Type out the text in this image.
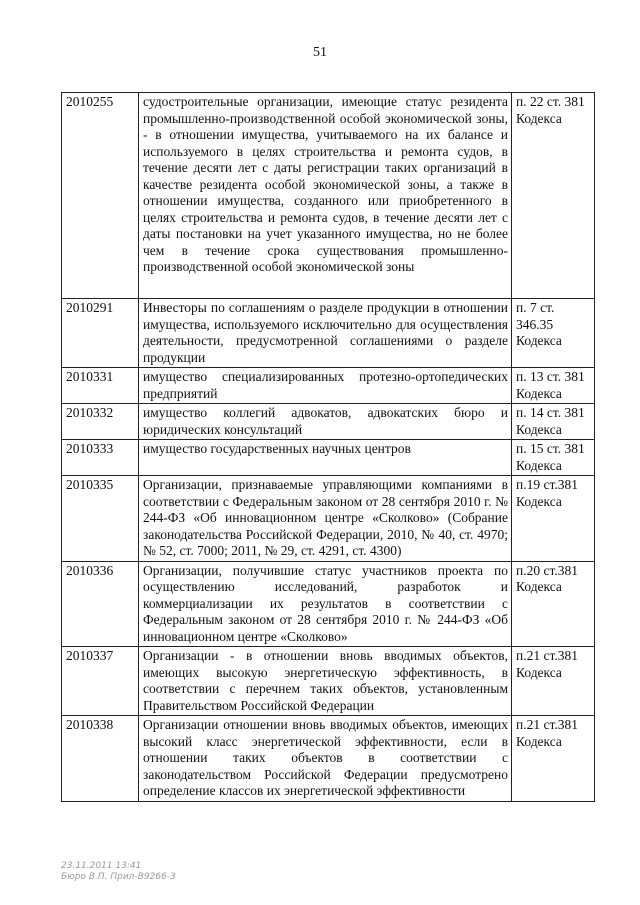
51
2010255	судостроительные организации, имеющие статус резидента промышленно-производственной особой экономической зоны, - в отношении имущества, учитываемого на их балансе и используемого в целях строительства и ремонта судов, в течение десяти лет с даты регистрации таких организаций в качестве резидента особой экономической зоны, а также в отношении имущества, созданного или приобретенного в целях строительства и ремонта судов, в течение десяти лет с даты постановки на учет указанного имущества, но не более чем в течение срока существования промышленно-производственной особой экономической зоны	п. 22 ст. 381 Кодекса
2010291	Инвесторы по соглашениям о разделе продукции в отношении имущества, используемого исключительно для осуществления деятельности, предусмотренной соглашениями о разделе продукции	п. 7 ст. 346.35 Кодекса
2010331	имущество специализированных протезно-ортопедических предприятий	п. 13 ст. 381 Кодекса
2010332	имущество коллегий адвокатов, адвокатских бюро и юридических консультаций	п. 14 ст. 381 Кодекса
2010333	имущество государственных научных центров	п. 15 ст. 381 Кодекса
2010335	Организации, признаваемые управляющими компаниями в соответствии с Федеральным законом от 28 сентября 2010 г. № 244-ФЗ «Об инновационном центре «Сколково» (Собрание законодательства Российской Федерации, 2010, № 40, ст. 4970; № 52, ст. 7000; 2011, № 29, ст. 4291, ст. 4300)	п.19 ст.381 Кодекса
2010336	Организации, получившие статус участников проекта по осуществлению исследований, разработок и коммерциализации их результатов в соответствии с Федеральным законом от 28 сентября 2010 г. № 244-ФЗ «Об инновационном центре «Сколково»	п.20 ст.381 Кодекса
2010337	Организации - в отношении вновь вводимых объектов, имеющих высокую энергетическую эффективность, в соответствии с перечнем таких объектов, установленным Правительством Российской Федерации	п.21 ст.381 Кодекса
2010338	Организации отношении вновь вводимых объектов, имеющих высокий класс энергетической эффективности, если в отношении таких объектов в соответствии с законодательством Российской Федерации предусмотрено определение классов их энергетической эффективности	п.21 ст.381 Кодекса
23.11.2011 13:41
Бюро В.П. Прил-В9266-3
